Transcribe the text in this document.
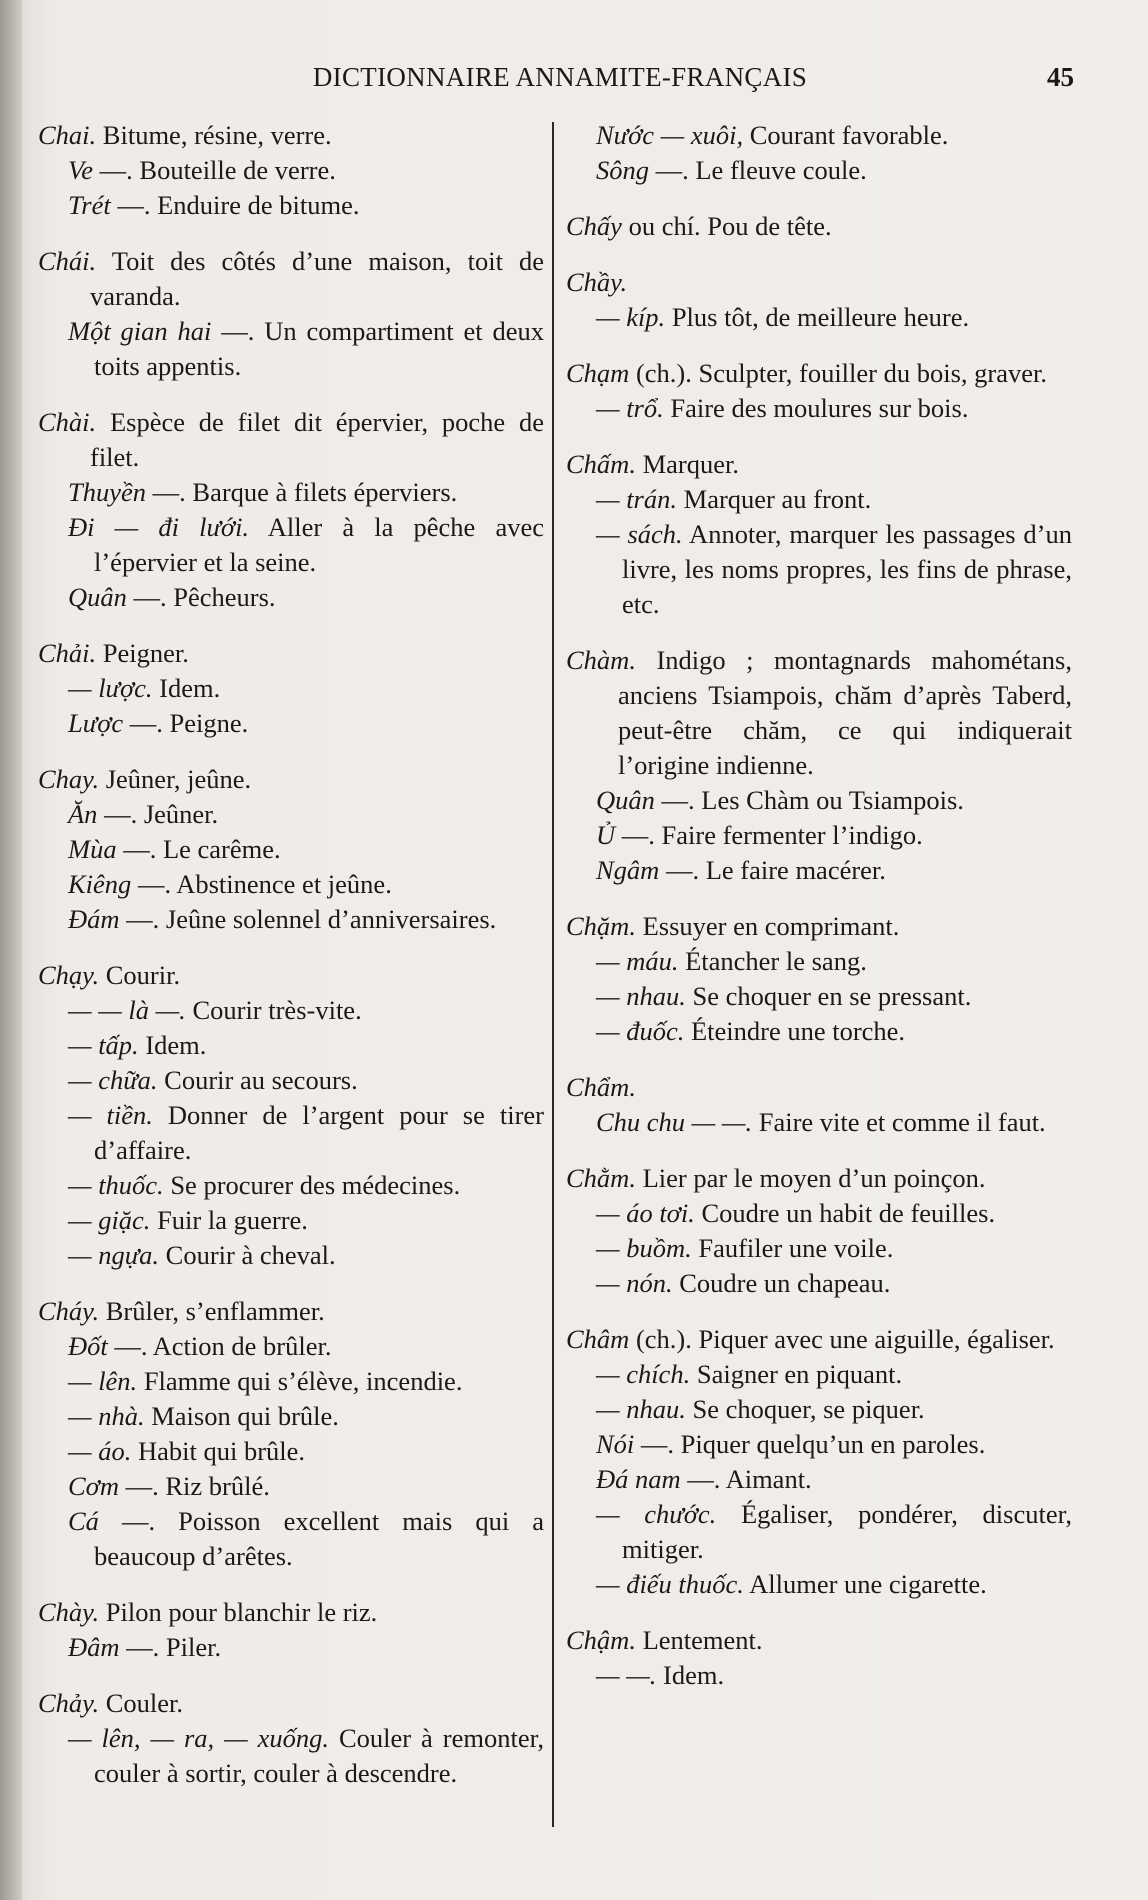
DICTIONNAIRE ANNAMITE-FRANÇAIS	45
Chai. Bitume, résine, verre.
Ve —. Bouteille de verre.
Trét —. Enduire de bitume.
Chái. Toit des côtés d’une maison, toit de varanda.
Một gian hai —. Un compartiment et deux toits appentis.
Chài. Espèce de filet dit épervier, poche de filet.
Thuyền —. Barque à filets éperviers.
Đi — đi lưới. Aller à la pêche avec l’épervier et la seine.
Quân —. Pêcheurs.
Chải. Peigner.
— lược. Idem.
Lược —. Peigne.
Chay. Jeûner, jeûne.
Ăn —. Jeûner.
Mùa —. Le carême.
Kiêng —. Abstinence et jeûne.
Đám —. Jeûne solennel d’anniversaires.
Chạy. Courir.
— — là —. Courir très-vite.
— tấp. Idem.
— chữa. Courir au secours.
— tiền. Donner de l’argent pour se tirer d’affaire.
— thuốc. Se procurer des médecines.
— giặc. Fuir la guerre.
— ngựa. Courir à cheval.
Cháy. Brûler, s’enflammer.
Đốt —. Action de brûler.
— lên. Flamme qui s’élève, incendie.
— nhà. Maison qui brûle.
— áo. Habit qui brûle.
Cơm —. Riz brûlé.
Cá —. Poisson excellent mais qui a beaucoup d’arêtes.
Chày. Pilon pour blanchir le riz.
Đâm —. Piler.
Chảy. Couler.
— lên, — ra, — xuống. Couler à remonter, couler à sortir, couler à descendre.
Nước — xuôi, Courant favorable.
Sông —. Le fleuve coule.
Chấy ou chí. Pou de tête.
Chầy.
— kíp. Plus tôt, de meilleure heure.
Chạm (ch.). Sculpter, fouiller du bois, graver.
— trổ. Faire des moulures sur bois.
Chấm. Marquer.
— trán. Marquer au front.
— sách. Annoter, marquer les passages d’un livre, les noms propres, les fins de phrase, etc.
Chàm. Indigo ; montagnards mahométans, anciens Tsiampois, chăm d’après Taberd, peut-être chăm, ce qui indiquerait l’origine indienne.
Quân —. Les Chàm ou Tsiampois.
Ủ —. Faire fermenter l’indigo.
Ngâm —. Le faire macérer.
Chặm. Essuyer en comprimant.
— máu. Étancher le sang.
— nhau. Se choquer en se pressant.
— đuốc. Éteindre une torche.
Chẩm.
Chu chu — —. Faire vite et comme il faut.
Chằm. Lier par le moyen d’un poinçon.
— áo tơi. Coudre un habit de feuilles.
— buồm. Faufiler une voile.
— nón. Coudre un chapeau.
Châm (ch.). Piquer avec une aiguille, égaliser.
— chích. Saigner en piquant.
— nhau. Se choquer, se piquer.
Nói —. Piquer quelqu’un en paroles.
Đá nam —. Aimant.
— chước. Égaliser, pondérer, discuter, mitiger.
— điếu thuốc. Allumer une cigarette.
Chậm. Lentement.
— —. Idem.
